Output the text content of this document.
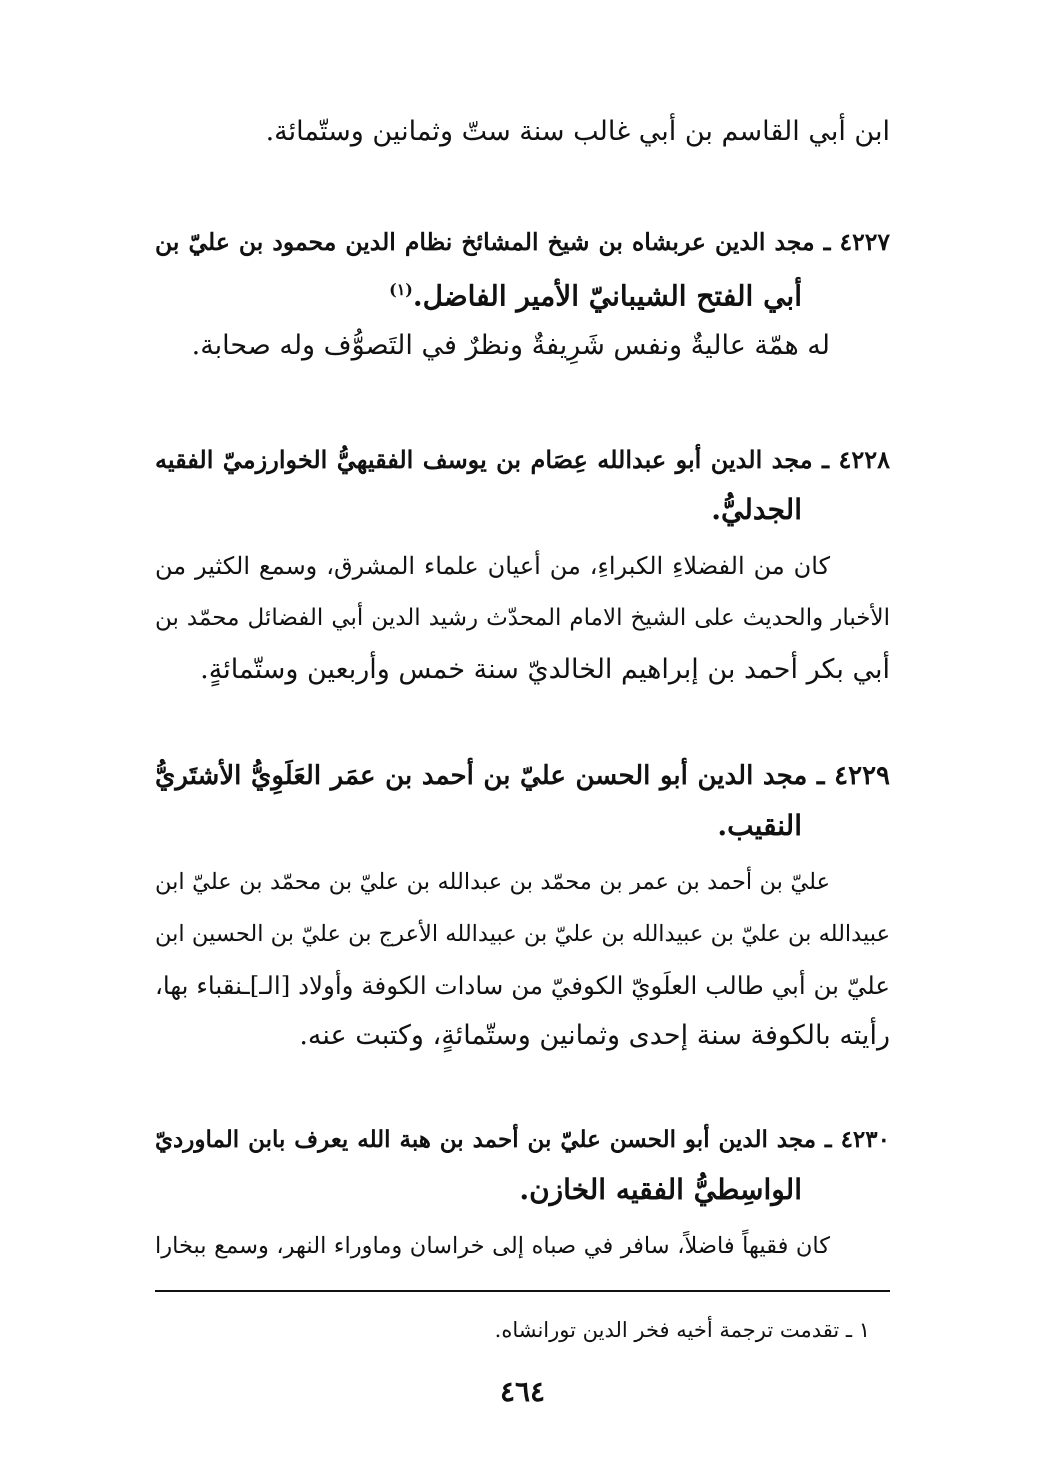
ابن أبي القاسم بن أبي غالب سنة ستّ وثمانين وستّمائة.
٤٢٢٧ ـ مجد الدين عربشاه بن شيخ المشائخ نظام الدين محمود بن عليّ بن
أبي الفتح الشيبانيّ الأمير الفاضل.$^{(١)}$
له همّة عاليةٌ ونفس شَرِيفةٌ ونظرٌ في التَصوُّف وله صحابة.
٤٢٢٨ ـ مجد الدين أبو عبدالله عِصَام بن يوسف الفقيهيُّ الخوارزميّ الفقيه
الجدليُّ.
كان من الفضلاءِ الكبراءِ، من أعيان علماء المشرق، وسمع الكثير من
الأخبار والحديث على الشيخ الامام المحدّث رشيد الدين أبي الفضائل محمّد بن
أبي بكر أحمد بن إبراهيم الخالديّ سنة خمس وأربعين وستّمائةٍ.
٤٢٢٩ ـ مجد الدين أبو الحسن عليّ بن أحمد بن عمَر العَلَوِيُّ الأشتَريُّ
النقيب.
عليّ بن أحمد بن عمر بن محمّد بن عبدالله بن عليّ بن محمّد بن عليّ ابن
عبيدالله بن عليّ بن عبيدالله بن عليّ بن عبيدالله الأعرج بن عليّ بن الحسين ابن
عليّ بن أبي طالب العلَويّ الكوفيّ من سادات الكوفة وأولاد [الـ]ـنقباء بها،
رأيته بالكوفة سنة إحدى وثمانين وستّمائةٍ، وكتبت عنه.
٤٢٣٠ ـ مجد الدين أبو الحسن عليّ بن أحمد بن هبة الله يعرف بابن الماورديّ
الواسِطيُّ الفقيه الخازن.
كان فقيهاً فاضلاً، سافر في صباه إلى خراسان وماوراء النهر، وسمع ببخارا
١ ـ تقدمت ترجمة أخيه فخر الدين تورانشاه.
٤٦٤
